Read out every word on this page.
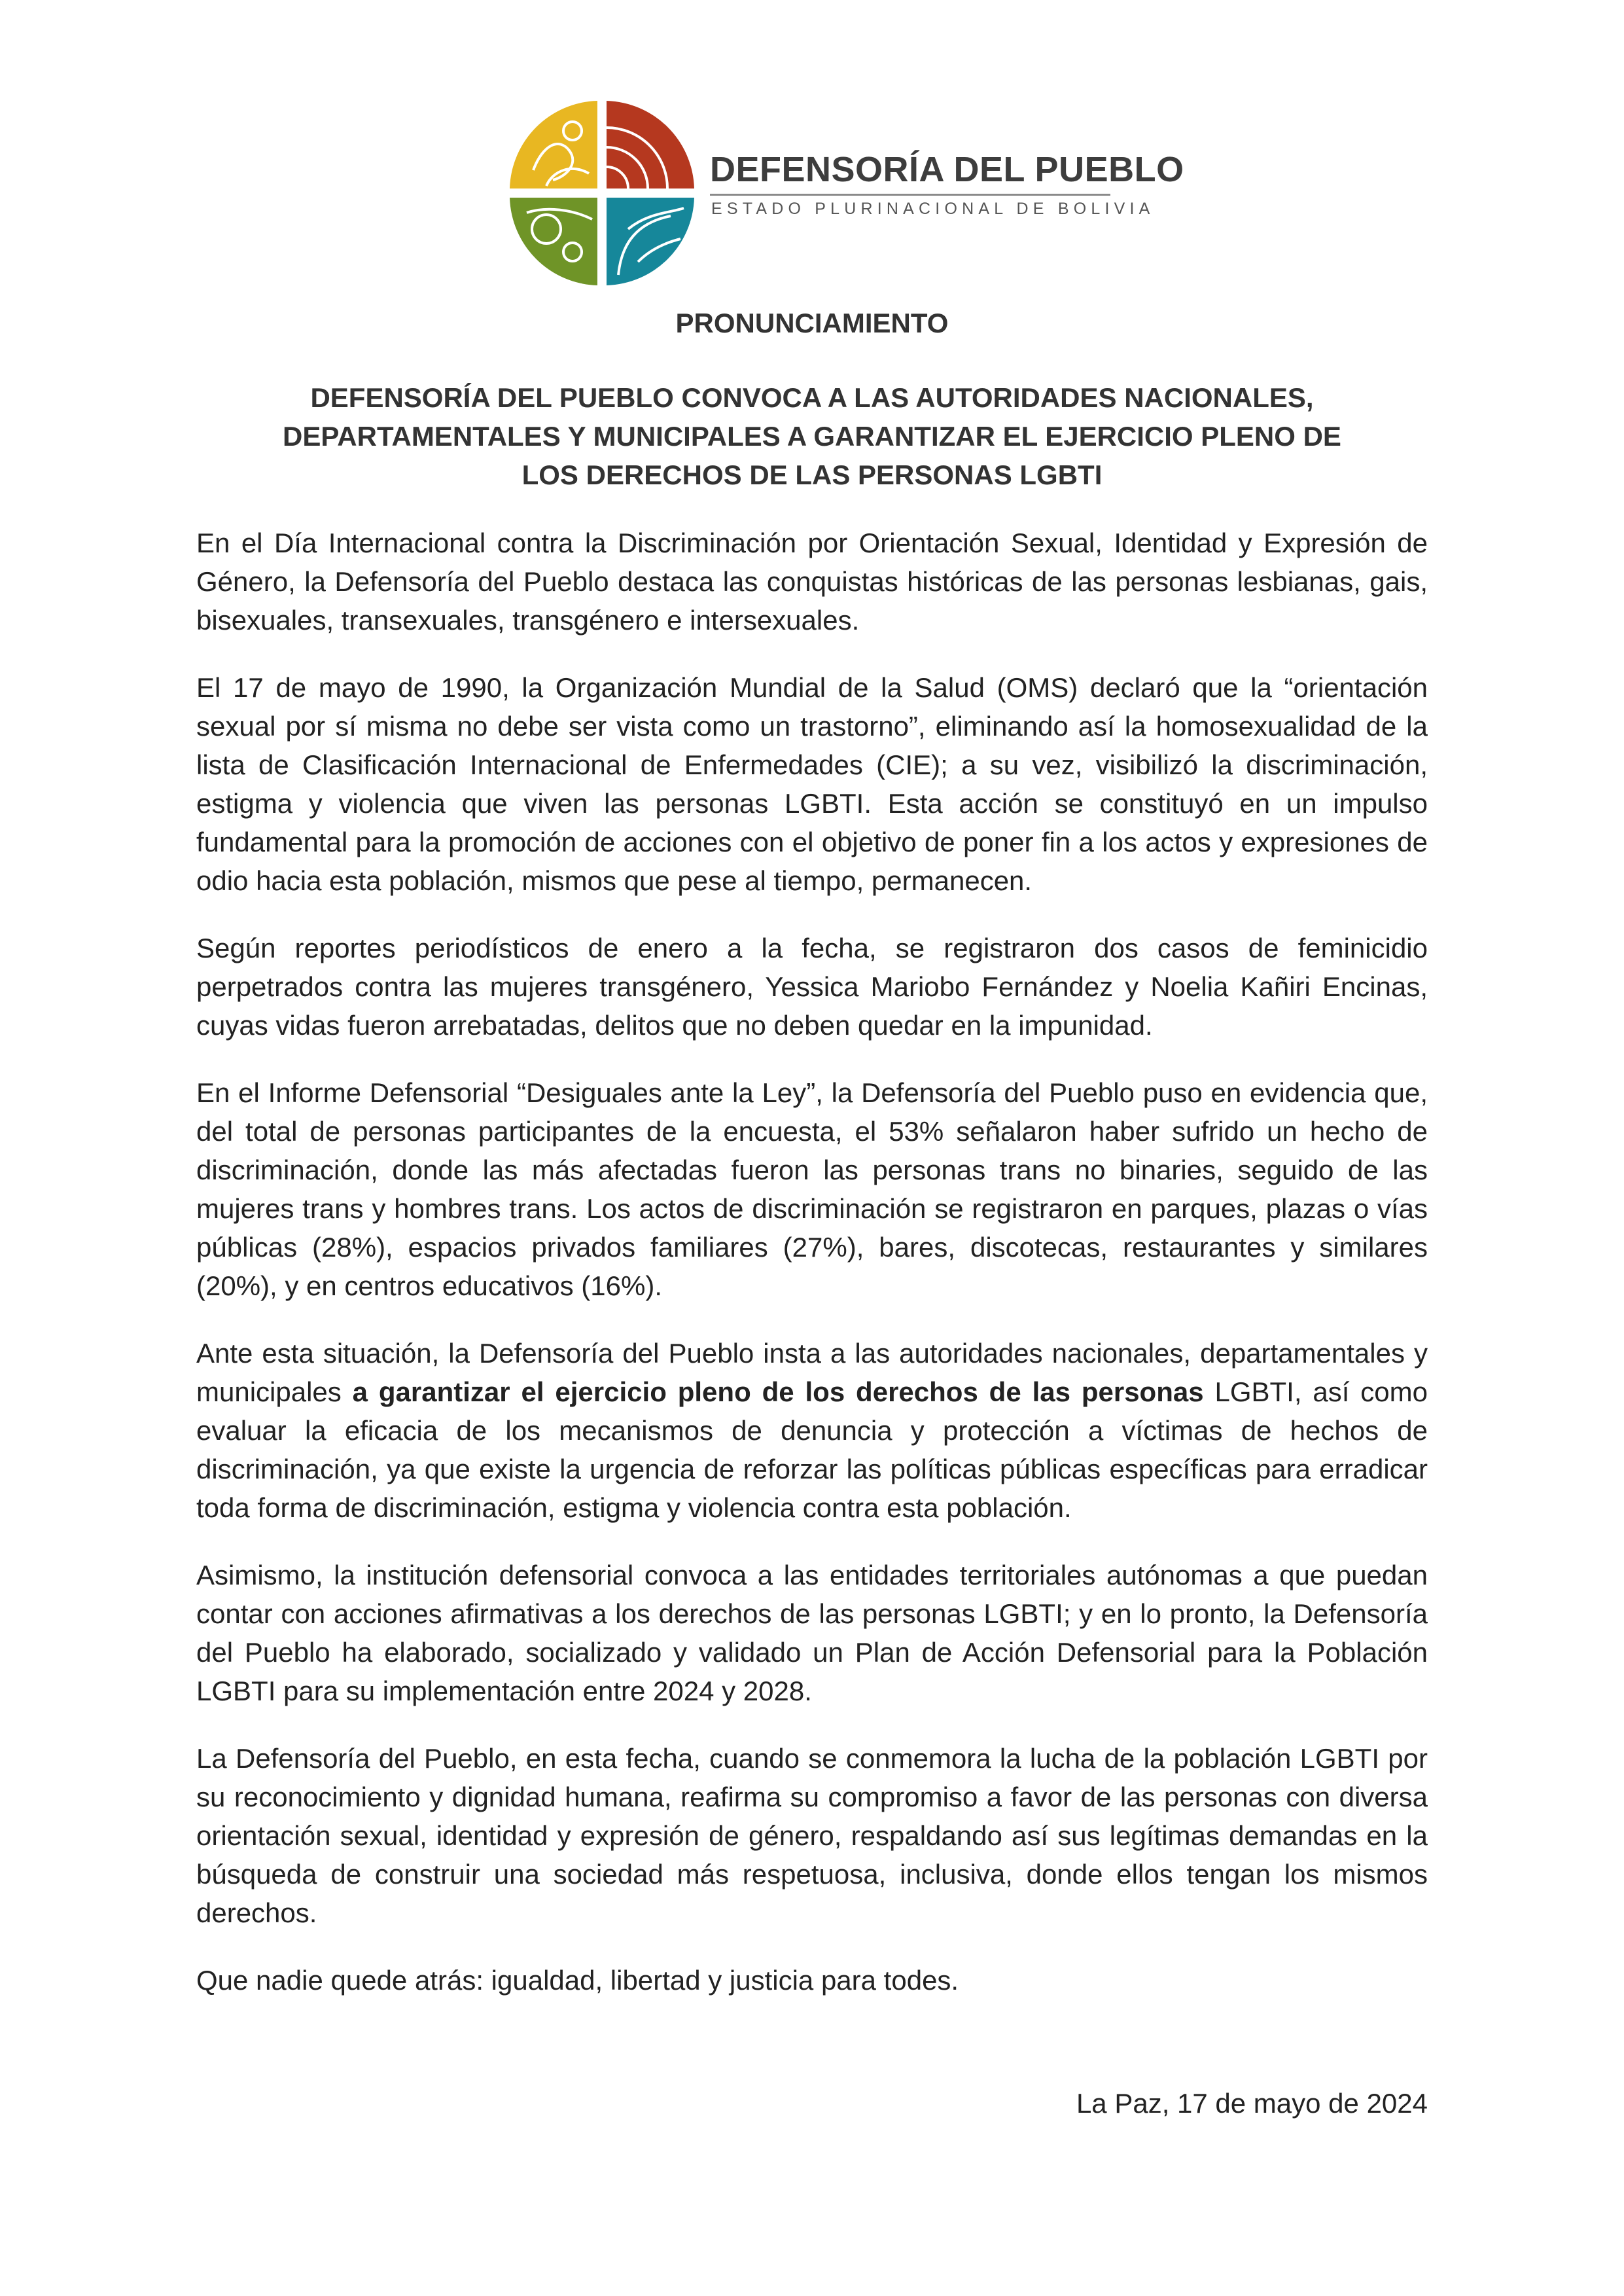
DEFENSORÍA DEL PUEBLO
ESTADO PLURINACIONAL DE BOLIVIA
PRONUNCIAMIENTO
DEFENSORÍA DEL PUEBLO CONVOCA A LAS AUTORIDADES NACIONALES,
DEPARTAMENTALES Y MUNICIPALES A GARANTIZAR EL EJERCICIO PLENO DE
LOS DERECHOS DE LAS PERSONAS LGBTI

En el Día Internacional contra la Discriminación por Orientación Sexual, Identidad y Expresión de Género, la Defensoría del Pueblo destaca las conquistas históricas de las personas lesbianas, gais, bisexuales, transexuales, transgénero e intersexuales.

El 17 de mayo de 1990, la Organización Mundial de la Salud (OMS) declaró que la “orientación sexual por sí misma no debe ser vista como un trastorno”, eliminando así la homosexualidad de la lista de Clasificación Internacional de Enfermedades (CIE); a su vez, visibilizó la discriminación, estigma y violencia que viven las personas LGBTI. Esta acción se constituyó en un impulso fundamental para la promoción de acciones con el objetivo de poner fin a los actos y expresiones de odio hacia esta población, mismos que pese al tiempo, permanecen.

Según reportes periodísticos de enero a la fecha, se registraron dos casos de feminicidio perpetrados contra las mujeres transgénero, Yessica Mariobo Fernández y Noelia Kañiri Encinas, cuyas vidas fueron arrebatadas, delitos que no deben quedar en la impunidad.

En el Informe Defensorial “Desiguales ante la Ley”, la Defensoría del Pueblo puso en evidencia que, del total de personas participantes de la encuesta, el 53% señalaron haber sufrido un hecho de discriminación, donde las más afectadas fueron las personas trans no binaries, seguido de las mujeres trans y hombres trans. Los actos de discriminación se registraron en parques, plazas o vías públicas (28%), espacios privados familiares (27%), bares, discotecas, restaurantes y similares (20%), y en centros educativos (16%).

Ante esta situación, la Defensoría del Pueblo insta a las autoridades nacionales, departamentales y municipales a garantizar el ejercicio pleno de los derechos de las personas LGBTI, así como evaluar la eficacia de los mecanismos de denuncia y protección a víctimas de hechos de discriminación, ya que existe la urgencia de reforzar las políticas públicas específicas para erradicar toda forma de discriminación, estigma y violencia contra esta población.

Asimismo, la institución defensorial convoca a las entidades territoriales autónomas a que puedan contar con acciones afirmativas a los derechos de las personas LGBTI; y en lo pronto, la Defensoría del Pueblo ha elaborado, socializado y validado un Plan de Acción Defensorial para la Población LGBTI para su implementación entre 2024 y 2028.

La Defensoría del Pueblo, en esta fecha, cuando se conmemora la lucha de la población LGBTI por su reconocimiento y dignidad humana, reafirma su compromiso a favor de las personas con diversa orientación sexual, identidad y expresión de género, respaldando así sus legítimas demandas en la búsqueda de construir una sociedad más respetuosa, inclusiva, donde ellos tengan los mismos derechos.

Que nadie quede atrás: igualdad, libertad y justicia para todes.

La Paz, 17 de mayo de 2024
